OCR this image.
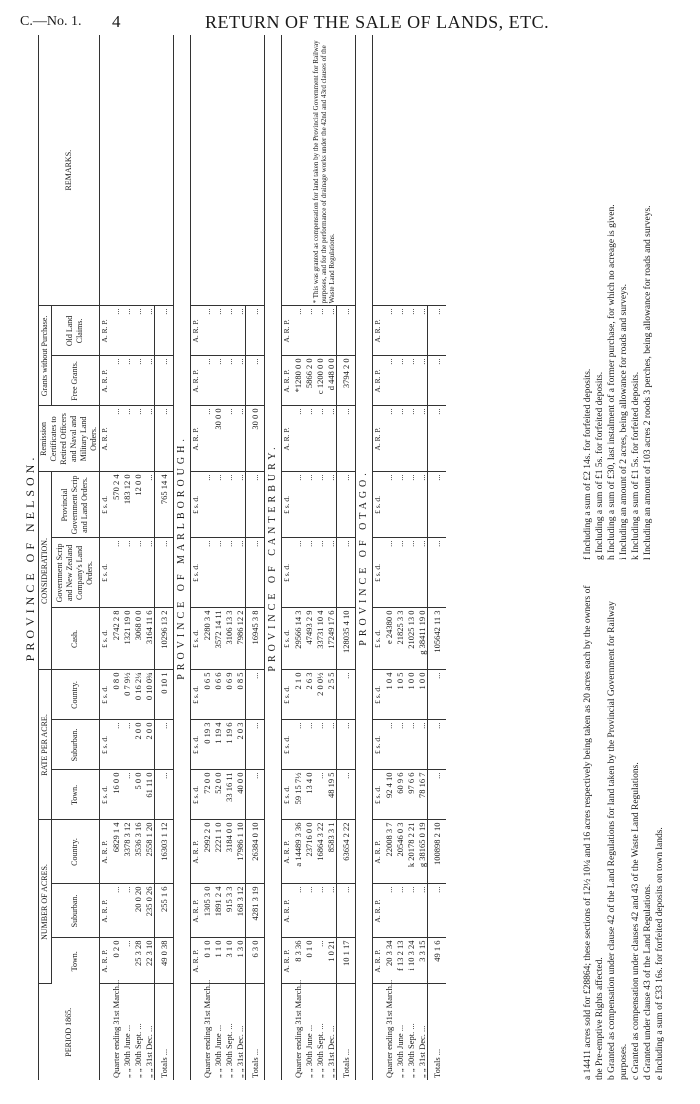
C.—No. 1. 4	RETURN OF THE SALE OF LANDS, ETC.
PROVINCE OF NELSON.
PERIOD 1865.	NUMBER OF ACRES.			RATE PER ACRE.			CONSIDERATION.			Remission Certificates to Retired Officers and Naval and Military Land Orders.	Grants without Purchase.		REMARKS.
	Town.	Suburban.	Country.	Town.	Suburban.	Country.	Cash.	Government Scrip and New Zealand Company's Land Orders.	Provincial Government Scrip and Land Orders.		Free Grants.	Old Land Claims.	
	A. R. P.	A. R. P.	A. R. P.	£ s. d.	£ s. d.	£ s. d.	£ s. d.	£ s. d.	£ s. d.	A. R. P.	A. R. P.	A. R. P.	
Quarter ending 31st March...	0 2 0	...	6829 1 4	16 0 0	...	0 8 0	2742 2 8	...	570 2 4	...	...	...	
„ „ 30th June ...	...	...	3378 3 12	...	...	0 7 9½	1321 19 0	...	183 12 0	...	...	...	
„ „ 30th Sept. ...	25 3 28	20 0 20	3536 3 16	5 0 0	2 0 0	0 16 2¼	3068 0 0	...	12 0 0	...	...	...	
„ „ 31st Dec. ...	22 3 10	235 0 26	2558 1 20	61 11 0	2 0 0	0 10 0¾	3164 11 6	...	...	...	...	...	
Totals ...	49 0 38	255 1 6	16303 1 12	...	...	0 10 1	10296 13 2	...	765 14 4	...	...	...	
PROVINCE OF MARLBOROUGH.													
	A. R. P.	A. R. P.	A. R. P.	£ s. d.	£ s. d.	£ s. d.	£ s. d.	£ s. d.	£ s. d.	A. R. P.	A. R. P.	A. R. P.	
Quarter ending 31st March...	0 1 0	1305 3 0	2992 2 0	72 0 0	0 19 3	0 6 5	2280 3 4	...	...	...	...	...	
„ „ 30th June ...	1 1 0	1891 2 4	2221 1 0	52 0 0	1 19 4	0 6 6	3572 14 11	...	...	30 0 0	...	...	
„ „ 30th Sept. ...	3 1 0	915 3 3	3184 0 0	33 16 11	1 19 6	0 6 9	3106 13 3	...	...	...	...	...	
„ „ 31st Dec. ...	1 3 0	168 3 12	17986 1 10	40 0 0	2 0 3	0 8 5	7986 12 2	...	...	...	...	...	
Totals ...	6 3 0	4281 3 19	26384 0 10	...	...	...	16945 3 8	...	...	30 0 0	...	...	
PROVINCE OF CANTERBURY.													
	A. R. P.	A. R. P.	A. R. P.	£ s. d.	£ s. d.	£ s. d.	£ s. d.	£ s. d.	£ s. d.	A. R. P.	A. R. P.	A. R. P.	
Quarter ending 31st March...	8 3 36	...	a 14489 3 36	59 15 7½	...	2 1 0	29566 14 3	...	...	...	*1280 0 0	...	* This was granted as compensation for land taken by the Provincial Government for Railway purposes, and for the performance of drainage works under the 42nd and 43rd clauses of the Waste Land Regulations.
„ „ 30th June ...	0 1 0	...	23716 0 0	13 4 0	...	2 6 3	47493 2 9	...	...	...	5866 2 0	...	
„ „ 30th Sept. ...	...	...	16864 3 22	...	...	2 0 0½	33731 10 4	...	...	...	c 1200 0 0	...	
„ „ 31st Dec. ...	1 0 21	...	8583 3 1	48 19 5	...	2 5 5	17249 17 6	...	...	...	d 448 0 0	...	
Totals ...	10 1 17	...	63654 2 22	...	...	...	128035 4 10	...	...	...	3794 2 0	...	
PROVINCE OF OTAGO.													
	A. R. P.	A. R. P.	A. R. P.	£ s. d.	£ s. d.	£ s. d.	£ s. d.	£ s. d.	£ s. d.	A. R. P.	A. R. P.	A. R. P.	
Quarter ending 31st March...	20 3 34	...	22008 3 7	92 4 10	...	1 0 4	e 24380 0	...	...	...	...	...	
„ „ 30th June ...	f 13 2 13	...	20546 0 3	60 9 6	...	1 0 5	21825 3 3	...	...	...	...	...	
„ „ 30th Sept. ...	i 10 3 24	...	k 20178 2 21	97 6 6	...	1 0 0	21025 13 0	...	...	...	...	...	
„ „ 31st Dec. ...	3 3 15	...	g 38165 0 19	78 16 7	...	1 0 0	g 38411 19 0	...	...	...	...	...	
Totals ...	49 1 6	...	100898 2 10	...	...	...	105642 11 3	...	...	...	...	...	
a 14411 acres sold for £28864; these sections of 12½ 10¼ and 16 acres respectively being taken as 20 acres each by the owners of the Pre-emptive Rights affected. b Granted as compensation under clause 42 of the Land Regulations for land taken by the Provincial Government for Railway purposes. c Granted as compensation under clauses 42 and 43 of the Waste Land Regulations. d Granted under clause 43 of the Land Regulations. e Including a sum of £33 16s. for forfeited deposits on town lands.
f Including a sum of £2 14s. for forfeited deposits. g Including a sum of £1 5s. for forfeited deposits. h Including a sum of £30, last instalment of a former purchase, for which no acreage is given. i Including an amount of 2 acres, being allowance for roads and surveys. k Including a sum of £1 5s. for forfeited deposits. l Including an amount of 103 acres 2 roods 3 perches, being allowance for roads and surveys.
